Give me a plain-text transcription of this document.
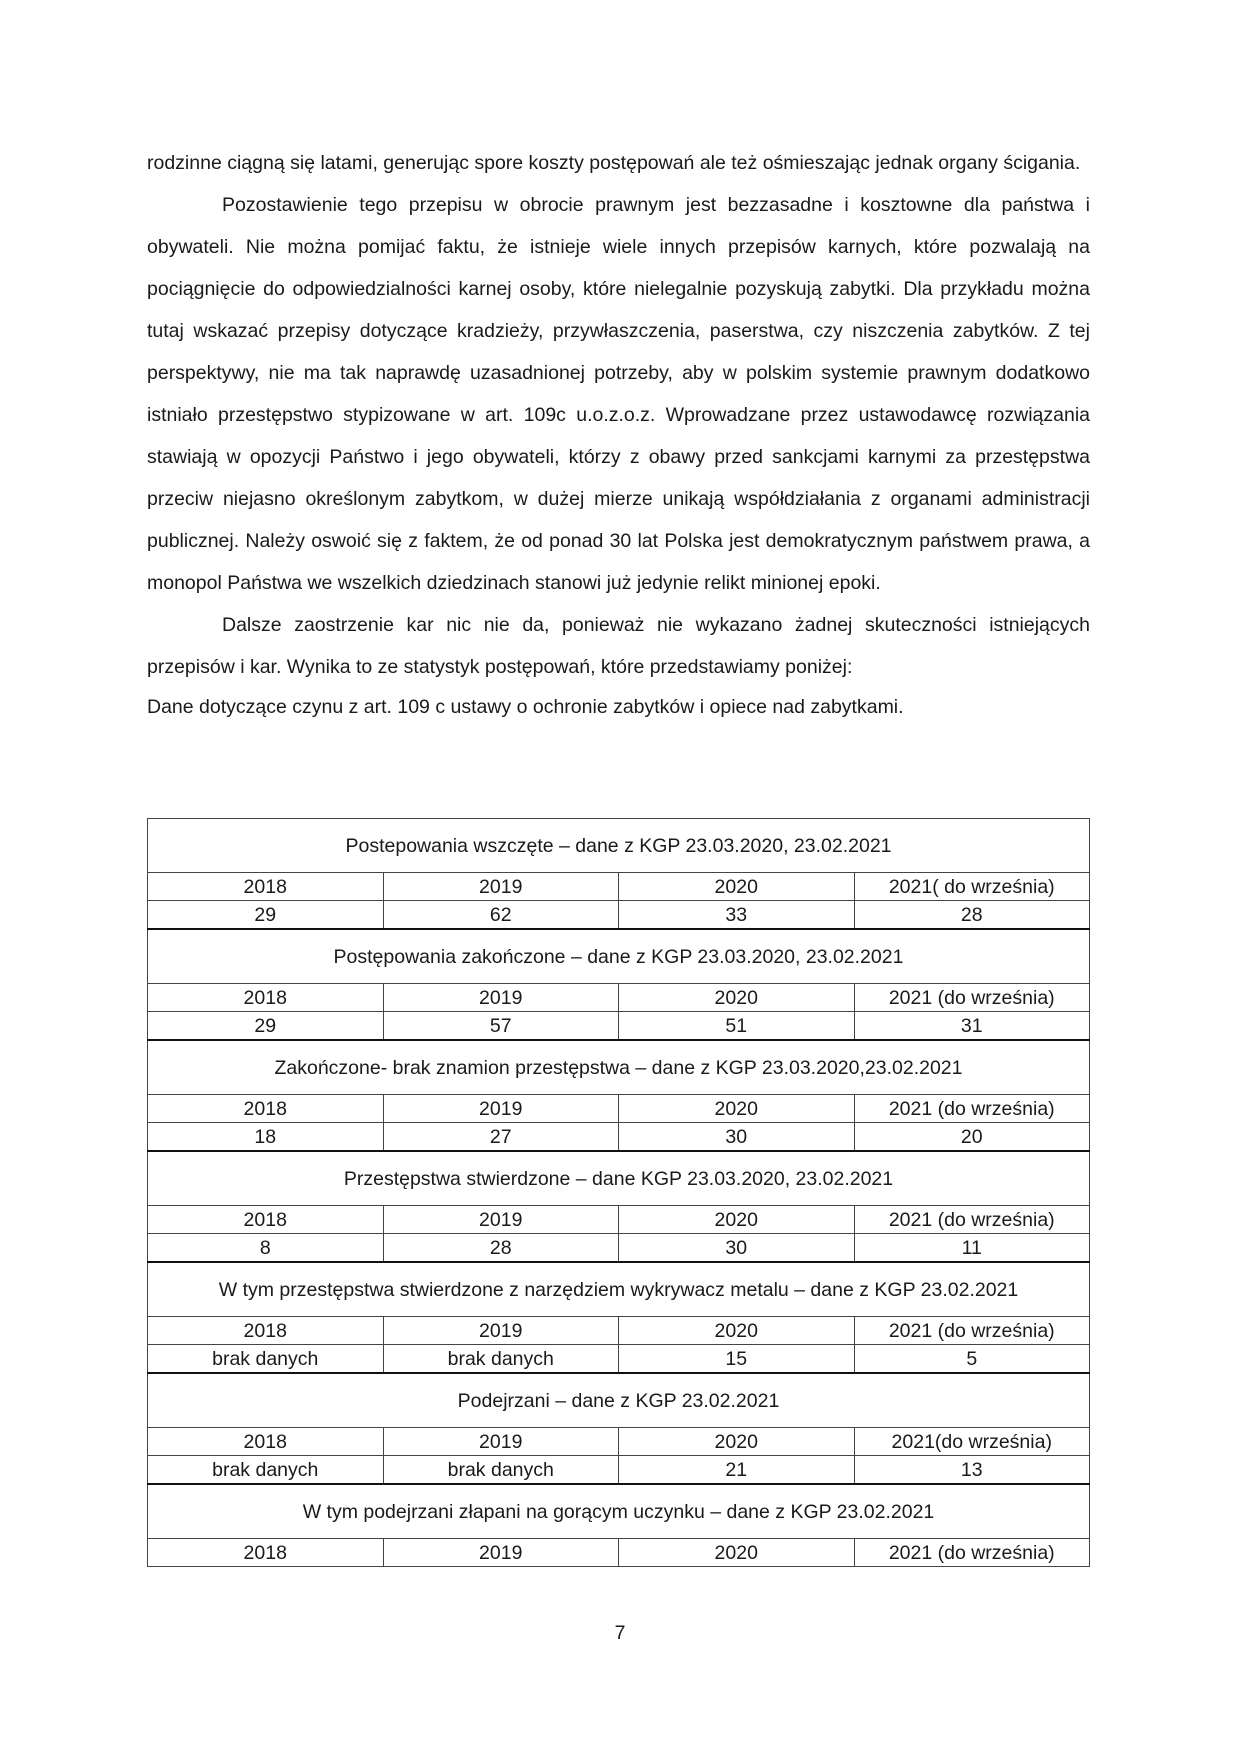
rodzinne ciągną się latami, generując spore koszty postępowań ale też ośmieszając jednak organy ścigania.

Pozostawienie tego przepisu w obrocie prawnym jest bezzasadne i kosztowne dla państwa i obywateli. Nie można pomijać faktu, że istnieje wiele innych przepisów karnych, które pozwalają na pociągnięcie do odpowiedzialności karnej osoby, które nielegalnie pozyskują zabytki. Dla przykładu można tutaj wskazać przepisy dotyczące kradzieży, przywłaszczenia, paserstwa, czy niszczenia zabytków. Z tej perspektywy, nie ma tak naprawdę uzasadnionej potrzeby, aby w polskim systemie prawnym dodatkowo istniało przestępstwo stypizowane w art. 109c u.o.z.o.z. Wprowadzane przez ustawodawcę rozwiązania stawiają w opozycji Państwo i jego obywateli, którzy z obawy przed sankcjami karnymi za przestępstwa przeciw niejasno określonym zabytkom, w dużej mierze unikają współdziałania z organami administracji publicznej. Należy oswoić się z faktem, że od ponad 30 lat Polska jest demokratycznym państwem prawa, a monopol Państwa we wszelkich dziedzinach stanowi już jedynie relikt minionej epoki.

Dalsze zaostrzenie kar nic nie da, ponieważ nie wykazano żadnej skuteczności istniejących przepisów i kar. Wynika to ze statystyk postępowań, które przedstawiamy poniżej:

Dane dotyczące czynu z art. 109 c ustawy o ochronie zabytków i opiece nad zabytkami.

Postepowania wszczęte – dane z KGP 23.03.2020, 23.02.2021			
2018	2019	2020	2021( do września)
29	62	33	28
Postępowania zakończone – dane z KGP 23.03.2020, 23.02.2021			
2018	2019	2020	2021 (do września)
29	57	51	31
Zakończone- brak znamion przestępstwa – dane z KGP 23.03.2020,23.02.2021			
2018	2019	2020	2021 (do września)
18	27	30	20
Przestępstwa stwierdzone – dane KGP 23.03.2020, 23.02.2021			
2018	2019	2020	2021 (do września)
8	28	30	11
W tym przestępstwa stwierdzone z narzędziem wykrywacz metalu – dane z KGP 23.02.2021			
2018	2019	2020	2021 (do września)
brak danych	brak danych	15	5
Podejrzani – dane z KGP 23.02.2021			
2018	2019	2020	2021(do września)
brak danych	brak danych	21	13
W tym podejrzani złapani na gorącym uczynku – dane z KGP 23.02.2021			
2018	2019	2020	2021 (do września)
7
